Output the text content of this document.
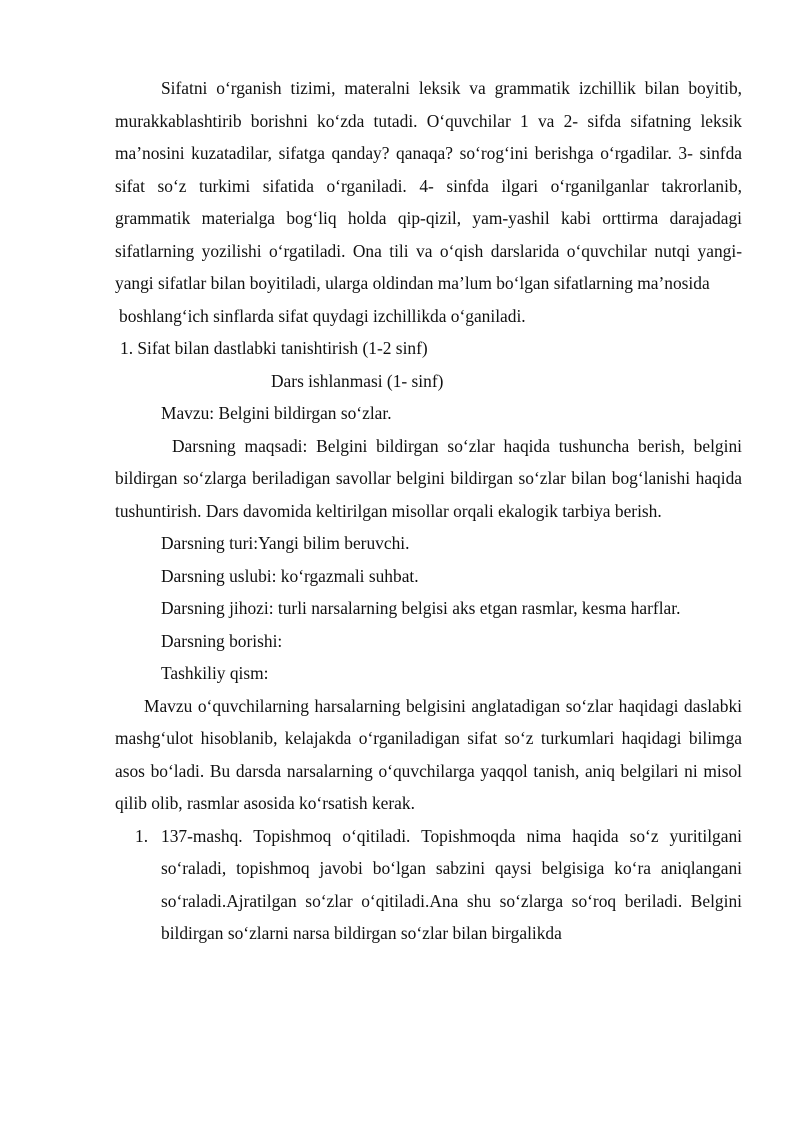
Sifatni o‘rganish tizimi, materalni leksik va grammatik izchillik bilan boyitib, murakkablashtirib borishni ko‘zda tutadi. O‘quvchilar 1 va 2- sifda sifatning leksik ma’nosini kuzatadilar, sifatga qanday? qanaqa? so‘rog‘ini berishga o‘rgadilar. 3- sinfda sifat so‘z turkimi sifatida o‘rganiladi. 4- sinfda ilgari o‘rganilganlar takrorlanib, grammatik materialga bog‘liq holda qip-qizil, yam-yashil kabi orttirma darajadagi sifatlarning yozilishi o‘rgatiladi. Ona tili va o‘qish darslarida o‘quvchilar nutqi yangi-yangi sifatlar bilan boyitiladi, ularga oldindan ma’lum bo‘lgan sifatlarning ma’nosida

boshlang‘ich sinflarda sifat quydagi izchillikda o‘ganiladi.

1. Sifat bilan dastlabki tanishtirish (1-2 sinf)

Dars ishlanmasi (1- sinf)

Mavzu: Belgini bildirgan so‘zlar.

Darsning maqsadi: Belgini bildirgan so‘zlar haqida tushuncha berish, belgini bildirgan so‘zlarga beriladigan savollar belgini bildirgan so‘zlar bilan bog‘lanishi haqida tushuntirish. Dars davomida keltirilgan misollar orqali ekalogik tarbiya berish.

Darsning turi:Yangi bilim beruvchi.

Darsning uslubi: ko‘rgazmali suhbat.

Darsning jihozi: turli narsalarning belgisi aks etgan rasmlar, kesma harflar.

Darsning borishi:

Tashkiliy qism:

Mavzu o‘quvchilarning harsalarning belgisini anglatadigan so‘zlar haqidagi daslabki mashg‘ulot hisoblanib, kelajakda o‘rganiladigan sifat so‘z turkumlari haqidagi bilimga asos bo‘ladi. Bu darsda narsalarning o‘quvchilarga yaqqol tanish, aniq belgilari ni misol qilib olib, rasmlar asosida ko‘rsatish kerak.

1. 137-mashq. Topishmoq o‘qitiladi. Topishmoqda nima haqida so‘z yuritilgani so‘raladi, topishmoq javobi bo‘lgan sabzini qaysi belgisiga ko‘ra aniqlangani so‘raladi.Ajratilgan so‘zlar o‘qitiladi.Ana shu so‘zlarga so‘roq beriladi. Belgini bildirgan so‘zlarni narsa bildirgan so‘zlar bilan birgalikda
